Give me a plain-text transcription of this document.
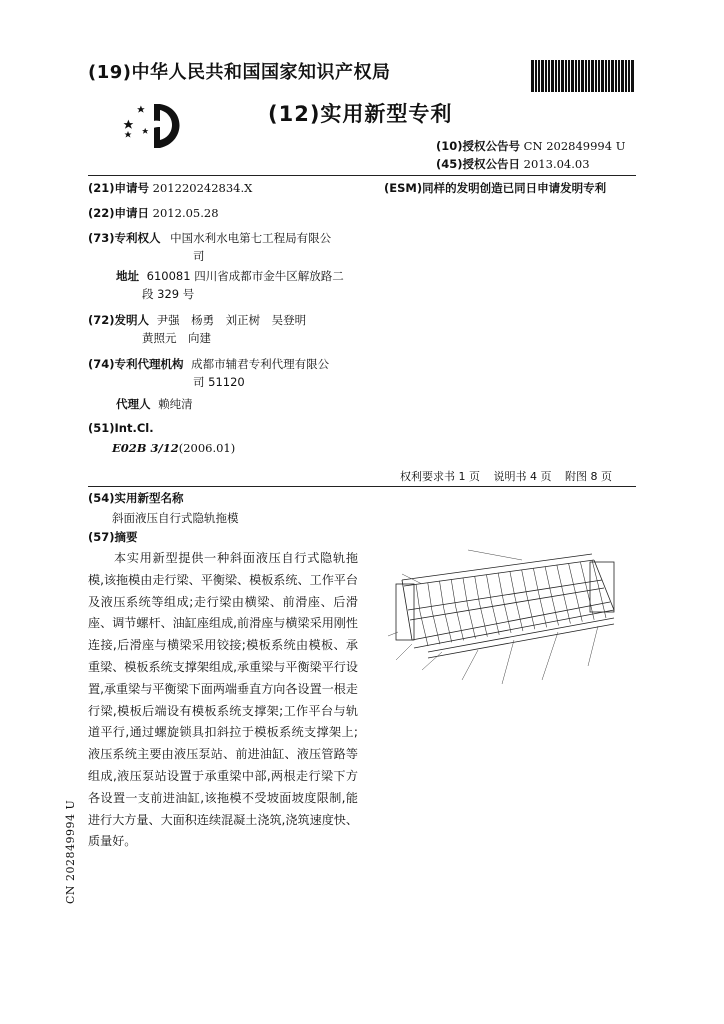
(19)中华人民共和国国家知识产权局
(12)实用新型专利
(10)授权公告号 CN 202849994 U
(45)授权公告日 2013.04.03
(21)申请号 201220242834.X	(ESM)同样的发明创造已同日申请发明专利
(22)申请日 2012.05.28
(73)专利权人 中国水利水电第七工程局有限公
司
地址 610081 四川省成都市金牛区解放路二
段 329 号
(72)发明人 尹强　杨勇　刘正树　吴登明
黄照元　向建
(74)专利代理机构 成都市辅君专利代理有限公
司 51120
代理人 赖纯清
(51)Int.Cl.
E02B 3/12(2006.01)
权利要求书 1 页 说明书 4 页 附图 8 页
(54)实用新型名称
斜面液压自行式隐轨拖模
(57)摘要
本实用新型提供一种斜面液压自行式隐轨拖模,该拖模由走行梁、平衡梁、模板系统、工作平台及液压系统等组成;走行梁由横梁、前滑座、后滑座、调节螺杆、油缸座组成,前滑座与横梁采用刚性连接,后滑座与横梁采用铰接;模板系统由模板、承重梁、模板系统支撑架组成,承重梁与平衡梁平行设置,承重梁与平衡梁下面两端垂直方向各设置一根走行梁,模板后端设有模板系统支撑架;工作平台与轨道平行,通过螺旋锁具扣斜拉于模板系统支撑架上;液压系统主要由液压泵站、前进油缸、液压管路等组成,液压泵站设置于承重梁中部,两根走行梁下方各设置一支前进油缸,该拖模不受坡面坡度限制,能进行大方量、大面积连续混凝土浇筑,浇筑速度快、质量好。
CN 202849994 U
